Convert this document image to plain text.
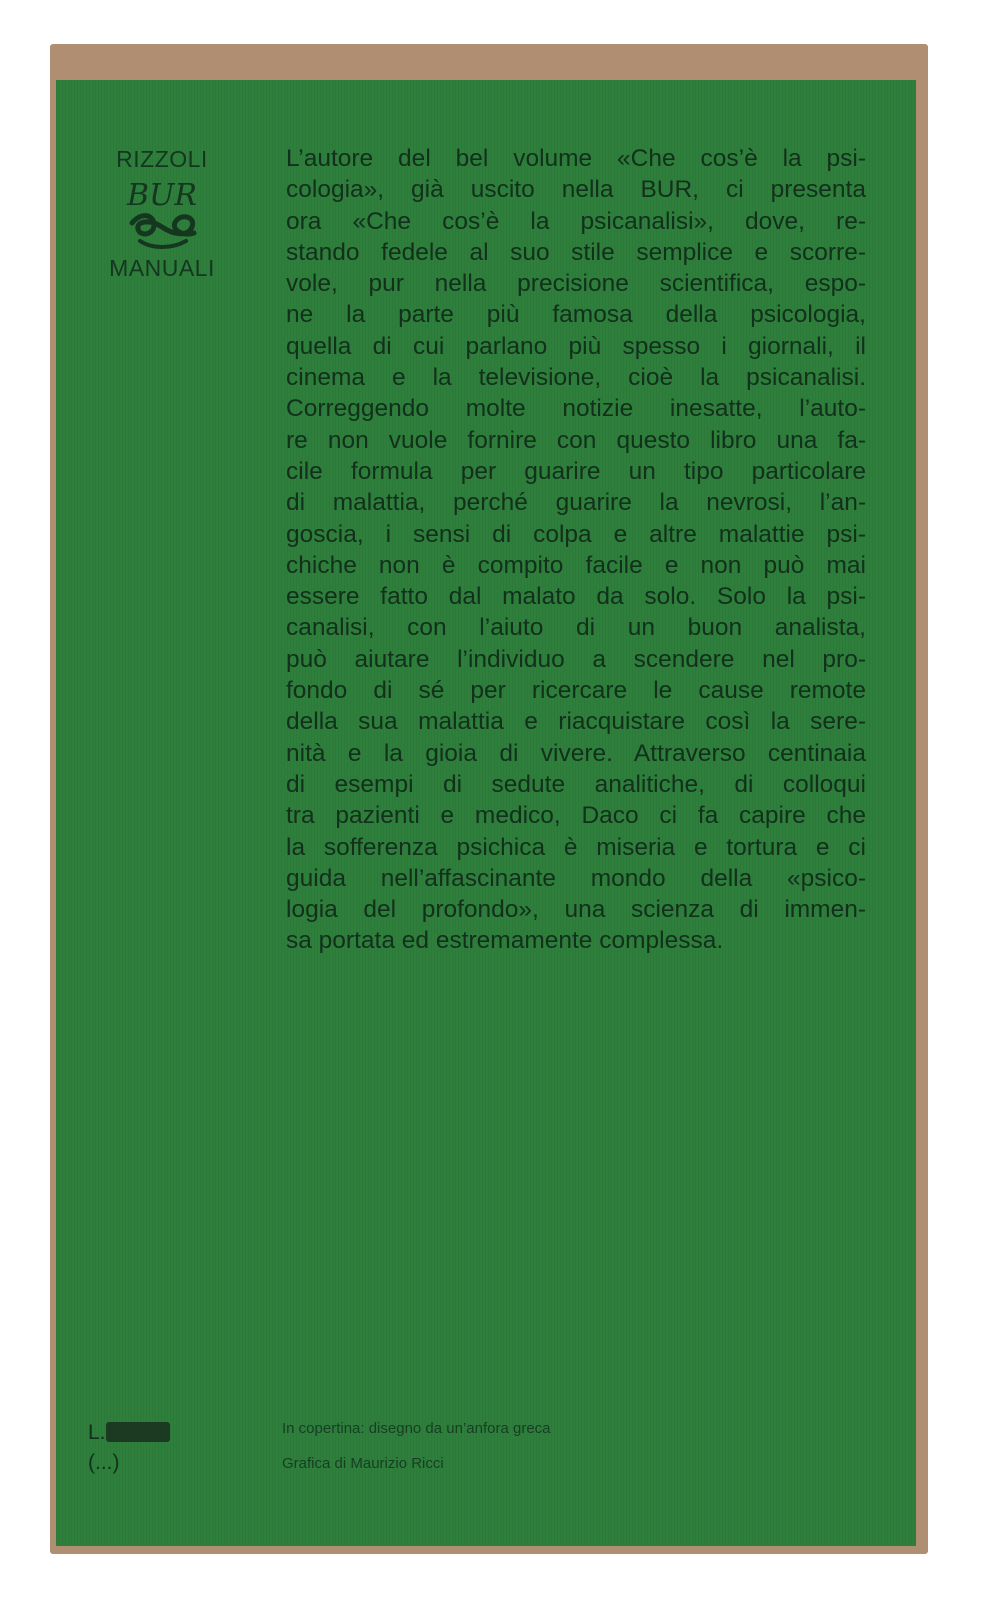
RIZZOLI
BUR
MANUALI
L’autore del bel volume «Che cos’è la psi-
cologia», già uscito nella BUR, ci presenta
ora «Che cos’è la psicanalisi», dove, re-
stando fedele al suo stile semplice e scorre-
vole, pur nella precisione scientifica, espo-
ne la parte più famosa della psicologia,
quella di cui parlano più spesso i giornali, il
cinema e la televisione, cioè la psicanalisi.
Correggendo molte notizie inesatte, l’auto-
re non vuole fornire con questo libro una fa-
cile formula per guarire un tipo particolare
di malattia, perché guarire la nevrosi, l’an-
goscia, i sensi di colpa e altre malattie psi-
chiche non è compito facile e non può mai
essere fatto dal malato da solo. Solo la psi-
canalisi, con l’aiuto di un buon analista,
può aiutare l’individuo a scendere nel pro-
fondo di sé per ricercare le cause remote
della sua malattia e riacquistare così la sere-
nità e la gioia di vivere. Attraverso centinaia
di esempi di sedute analitiche, di colloqui
tra pazienti e medico, Daco ci fa capire che
la sofferenza psichica è miseria e tortura e ci
guida nell’affascinante mondo della «psico-
logia del profondo», una scienza di immen-
sa portata ed estremamente complessa.
L.
(...)
In copertina: disegno da un’anfora greca
Grafica di Maurizio Ricci
